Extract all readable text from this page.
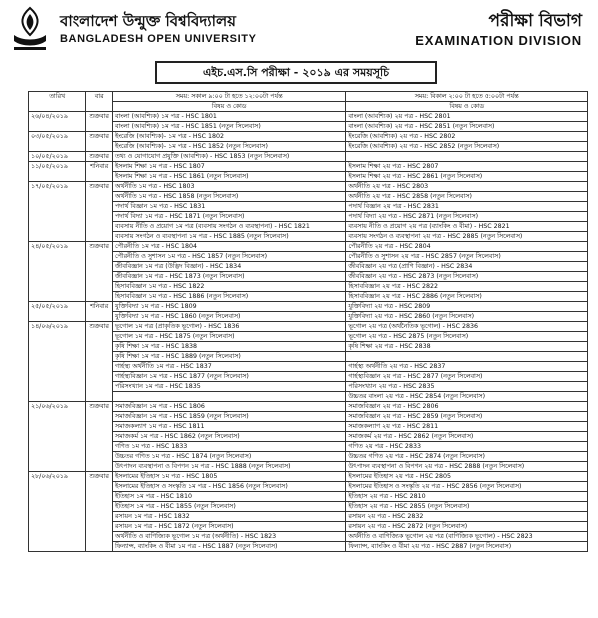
বাংলাদেশ উন্মুক্ত বিশ্ববিদ্যালয়
BANGLADESH OPEN UNIVERSITY
পরীক্ষা বিভাগ
EXAMINATION DIVISION
এইচ.এস.সি পরীক্ষা - ২০১৯ এর সময়সূচি
তারিখ	বার	সময়: সকাল ৯:০০ টা হতে ১২:০০টা পর্যন্ত	সময়: বিকাল ২:০০ টা হতে ৫:০০টা পর্যন্ত
		বিষয় ও কোড	বিষয় ও কোড
২৬/০৪/২০১৯	শুক্রবার	বাংলা (আবশ্যিক) ১ম পত্র - HSC 1801	বাংলা (আবশ্যিক) ২য় পত্র - HSC 2801
		বাংলা (আবশ্যিক) ১ম পত্র - HSC 1851 (নতুন সিলেবাস)	বাংলা (আবশ্যিক) ২য় পত্র - HSC 2851 (নতুন সিলেবাস)
০৩/০৫/২০১৯	শুক্রবার	ইংরেজি (আবশ্যিক)- ১ম পত্র - HSC 1802	ইংরেজি (আবশ্যিক) ২য় পত্র - HSC 2802
		ইংরেজি (আবশ্যিক)- ১ম পত্র - HSC 1852 (নতুন সিলেবাস)	ইংরেজি (আবশ্যিক) ২য় পত্র - HSC 2852 (নতুন সিলেবাস)
১০/০৫/২০১৯	শুক্রবার	তথ্য ও যোগাযোগ প্রযুক্তি (আবশ্যিক) - HSC 1853 (নতুন সিলেবাস)	
১১/০৫/২০১৯	শনিবার	ইসলাম শিক্ষা ১ম পত্র - HSC 1807	ইসলাম শিক্ষা ২য় পত্র - HSC 2807
		ইসলাম শিক্ষা ১ম পত্র - HSC 1861 (নতুন সিলেবাস)	ইসলাম শিক্ষা ২য় পত্র - HSC 2861 (নতুন সিলেবাস)
১৭/০৫/২০১৯	শুক্রবার	অর্থনীতি ১ম পত্র - HSC 1803	অর্থনীতি ২য় পত্র - HSC 2803
		অর্থনীতি ১ম পত্র - HSC 1858 (নতুন সিলেবাস)	অর্থনীতি ২য় পত্র - HSC 2858 (নতুন সিলেবাস)
		পদার্থ বিজ্ঞান ১ম পত্র - HSC 1831	পদার্থ বিজ্ঞান ২য় পত্র - HSC 2831
		পদার্থ বিদ্যা ১ম পত্র - HSC 1871 (নতুন সিলেবাস)	পদার্থ বিদ্যা ২য় পত্র - HSC 2871 (নতুন সিলেবাস)
		ব্যবসায় নীতি ও প্রয়োগ ১ম পত্র (ব্যবসায় সংগঠন ও ব্যবস্থাপনা) - HSC 1821	ব্যবসায় নীতি ও প্রয়োগ ২য় পত্র (ব্যাংকিং ও বীমা) - HSC 2821
		ব্যবসায় সংগঠন ও ব্যবস্থাপনা ১ম পত্র - HSC 1885 (নতুন সিলেবাস)	ব্যবসায় সংগঠন ও ব্যবস্থাপনা ২য় পত্র - HSC 2885 (নতুন সিলেবাস)
২৪/০৫/২০১৯	শুক্রবার	পৌরনীতি ১ম পত্র - HSC 1804	পৌরনীতি ২য় পত্র - HSC 2804
		পৌরনীতি ও সুশাসন ১ম পত্র - HSC 1857 (নতুন সিলেবাস)	পৌরনীতি ও সুশাসন ২য় পত্র - HSC 2857 (নতুন সিলেবাস)
		জীববিজ্ঞান ১ম পত্র (উদ্ভিদ বিজ্ঞান) - HSC 1834	জীববিজ্ঞান ২য় পত্র (প্রাণি বিজ্ঞান) - HSC 2834
		জীববিজ্ঞান ১ম পত্র - HSC 1873 (নতুন সিলেবাস)	জীববিজ্ঞান ২য় পত্র - HSC 2873 (নতুন সিলেবাস)
		হিসাববিজ্ঞান ১ম পত্র - HSC 1822	হিসাববিজ্ঞান ২য় পত্র - HSC 2822
		হিসাববিজ্ঞান ১ম পত্র - HSC 1886 (নতুন সিলেবাস)	হিসাববিজ্ঞান ২য় পত্র - HSC 2886 (নতুন সিলেবাস)
২৫/০৫/২০১৯	শনিবার	যুক্তিবিদ্যা ১ম পত্র - HSC 1809	যুক্তিবিদ্যা ২য় পত্র - HSC 2809
		যুক্তিবিদ্যা ১ম পত্র - HSC 1860 (নতুন সিলেবাস)	যুক্তিবিদ্যা ২য় পত্র - HSC 2860 (নতুন সিলেবাস)
১৪/০৬/২০১৯	শুক্রবার	ভূগোল ১ম পত্র (প্রাকৃতিক ভূগোল) - HSC 1836	ভূগোল ২য় পত্র (অর্থনৈতিক ভূগোল) - HSC 2836
		ভূগোল ১ম পত্র - HSC 1875 (নতুন সিলেবাস)	ভূগোল ২য় পত্র - HSC 2875 (নতুন সিলেবাস)
		কৃষি শিক্ষা ১ম পত্র - HSC 1838	কৃষি শিক্ষা ২য় পত্র - HSC 2838
		কৃষি শিক্ষা ১ম পত্র - HSC 1889 (নতুন সিলেবাস)	
		গার্হস্থ্য অর্থনীতি ১ম পত্র - HSC 1837	গার্হস্থ্য অর্থনীতি ২য় পত্র - HSC 2837
		গার্হস্থ্যবিজ্ঞান ১ম পত্র - HSC 1877 (নতুন সিলেবাস)	গার্হস্থ্যবিজ্ঞান ২য় পত্র - HSC 2877 (নতুন সিলেবাস)
		পরিসংখ্যান ১ম পত্র - HSC 1835	পরিসংখ্যান ২য় পত্র - HSC 2835
			উচ্চতর বাংলা ২য় পত্র - HSC 2854 (নতুন সিলেবাস)
২১/০৬/২০১৯	শুক্রবার	সমাজবিজ্ঞান ১ম পত্র - HSC 1806	সমাজবিজ্ঞান ২য় পত্র - HSC 2806
		সমাজবিজ্ঞান ১ম পত্র - HSC 1859 (নতুন সিলেবাস)	সমাজবিজ্ঞান ২য় পত্র - HSC 2859 (নতুন সিলেবাস)
		সমাজকল্যাণ ১ম পত্র - HSC 1811	সমাজকল্যাণ ২য় পত্র - HSC 2811
		সমাজকর্ম ১ম পত্র - HSC 1862 (নতুন সিলেবাস)	সমাজকর্ম ২য় পত্র - HSC 2862 (নতুন সিলেবাস)
		গণিত ১ম পত্র - HSC 1833	গণিত ২য় পত্র - HSC 2833
		উচ্চতর গণিত ১ম পত্র - HSC 1874 (নতুন সিলেবাস)	উচ্চতর গণিত ২য় পত্র - HSC 2874 (নতুন সিলেবাস)
		উৎপাদন ব্যবস্থাপনা ও বিপণন ১ম পত্র - HSC 1888 (নতুন সিলেবাস)	উৎপাদন ব্যবস্থাপনা ও বিপণন ২য় পত্র - HSC 2888 (নতুন সিলেবাস)
২৮/০৬/২০১৯	শুক্রবার	ইসলামের ইতিহাস ১ম পত্র - HSC 1805	ইসলামের ইতিহাস ২য় পত্র - HSC 2805
		ইসলামের ইতিহাস ও সংস্কৃতি ১ম পত্র - HSC 1856 (নতুন সিলেবাস)	ইসলামের ইতিহাস ও সংস্কৃতি ২য় পত্র - HSC 2856 (নতুন সিলেবাস)
		ইতিহাস ১ম পত্র - HSC 1810	ইতিহাস ২য় পত্র - HSC 2810
		ইতিহাস ১ম পত্র - HSC 1855 (নতুন সিলেবাস)	ইতিহাস ২য় পত্র - HSC 2855 (নতুন সিলেবাস)
		রসায়ন ১ম পত্র - HSC 1832	রসায়ন ২য় পত্র - HSC 2832
		রসায়ন ১ম পত্র - HSC 1872 (নতুন সিলেবাস)	রসায়ন ২য় পত্র - HSC 2872 (নতুন সিলেবাস)
		অর্থনীতি ও বাণিজ্যিক ভূগোল ১ম পত্র (অর্থনীতি) - HSC 1823	অর্থনীতি ও বাণিজ্যিক ভূগোল ২য় পত্র (বাণিজ্যিক ভূগোল) - HSC 2823
		ফিন্যান্স, ব্যাংকিং ও বীমা ১ম পত্র - HSC 1887 (নতুন সিলেবাস)	ফিন্যান্স, ব্যাংকিং ও বীমা ২য় পত্র - HSC 2887 (নতুন সিলেবাস)
